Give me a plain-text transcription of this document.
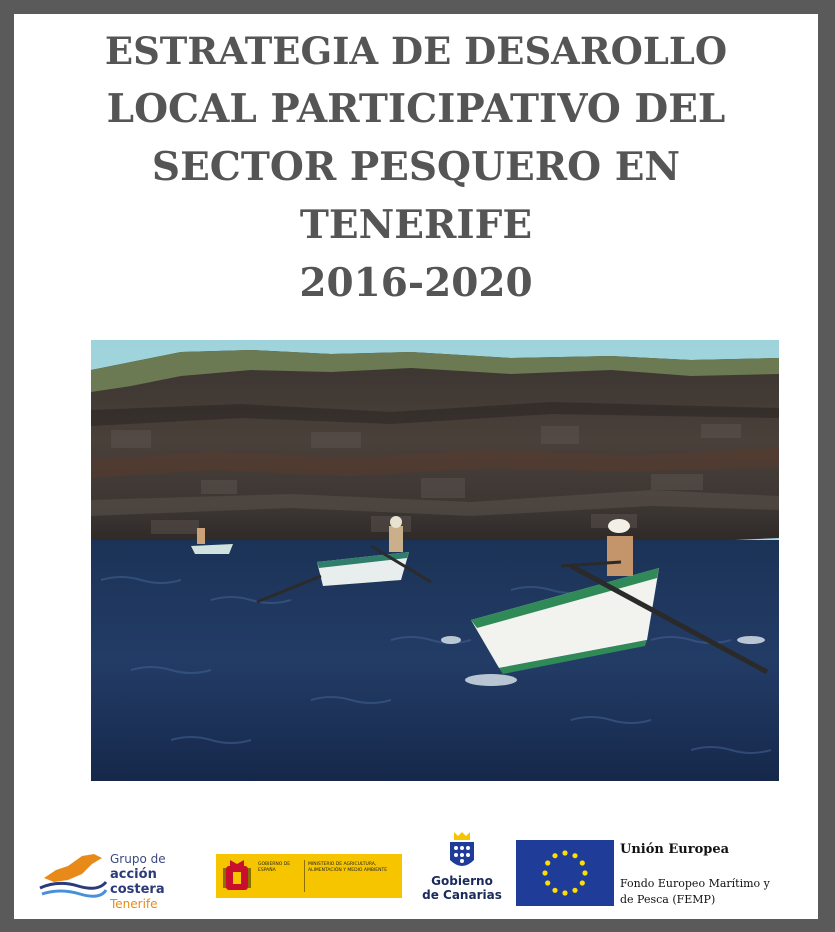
ESTRATEGIA DE DESAROLLO
LOCAL PARTICIPATIVO DEL
SECTOR PESQUERO EN
TENERIFE
2016-2020
Grupo de
acción costera
Tenerife
GOBIERNO DE ESPAÑA
MINISTERIO DE AGRICULTURA, ALIMENTACIÓN Y MEDIO AMBIENTE
Gobierno
de Canarias
Unión Europea
Fondo Europeo Marítimo y
de Pesca (FEMP)
